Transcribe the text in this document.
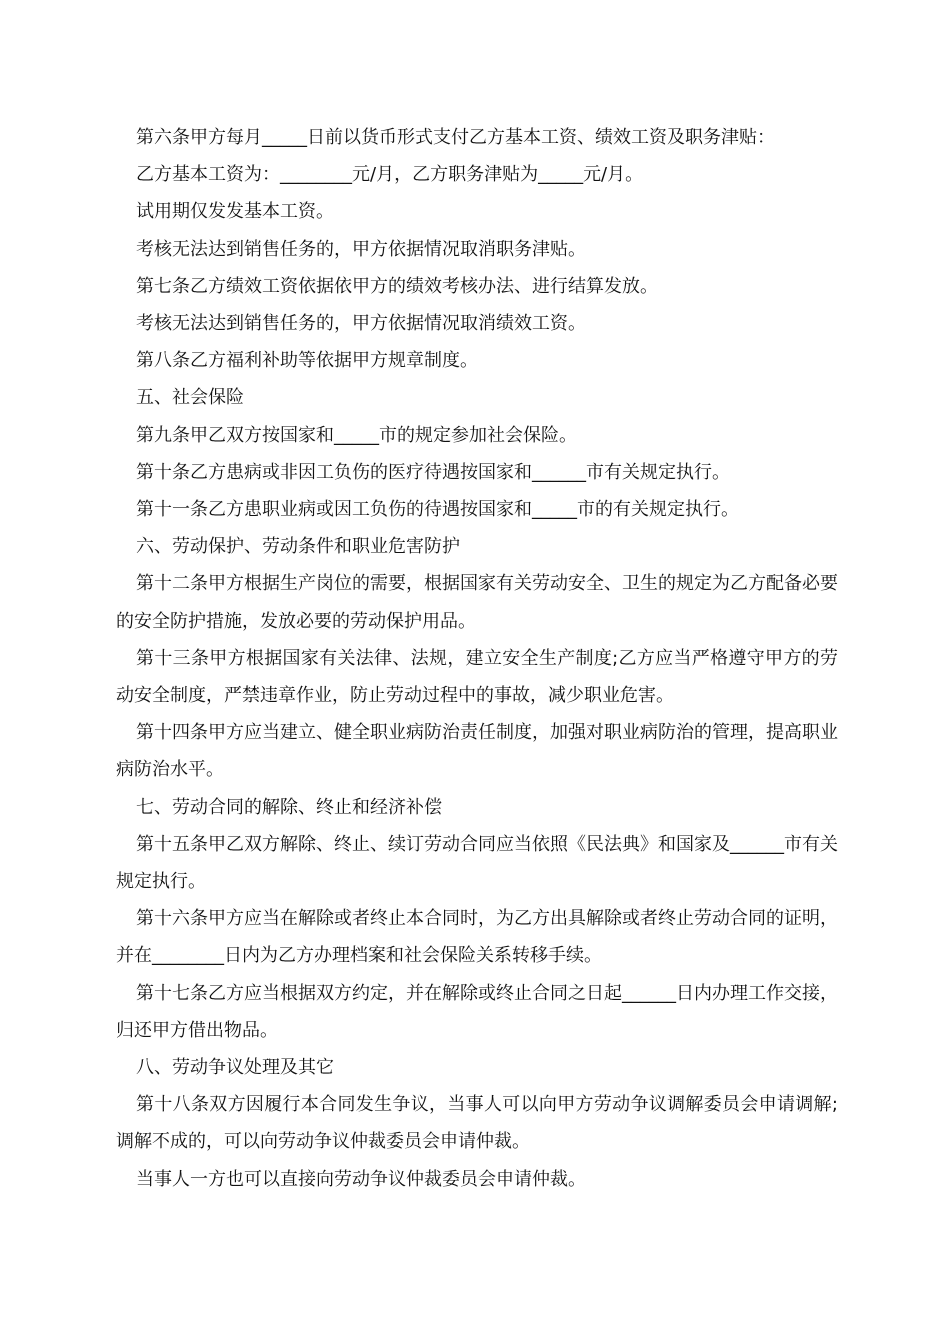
第六条甲方每月_____日前以货币形式支付乙方基本工资、绩效工资及职务津贴：

乙方基本工资为：________元/月，乙方职务津贴为_____元/月。

试用期仅发发基本工资。

考核无法达到销售任务的，甲方依据情况取消职务津贴。

第七条乙方绩效工资依据依甲方的绩效考核办法、进行结算发放。

考核无法达到销售任务的，甲方依据情况取消绩效工资。

第八条乙方福利补助等依据甲方规章制度。

五、社会保险

第九条甲乙双方按国家和_____市的规定参加社会保险。

第十条乙方患病或非因工负伤的医疗待遇按国家和______市有关规定执行。

第十一条乙方患职业病或因工负伤的待遇按国家和_____市的有关规定执行。

六、劳动保护、劳动条件和职业危害防护

第十二条甲方根据生产岗位的需要，根据国家有关劳动安全、卫生的规定为乙方配备必要的安全防护措施，发放必要的劳动保护用品。

第十三条甲方根据国家有关法律、法规，建立安全生产制度;乙方应当严格遵守甲方的劳动安全制度，严禁违章作业，防止劳动过程中的事故，减少职业危害。

第十四条甲方应当建立、健全职业病防治责任制度，加强对职业病防治的管理，提高职业病防治水平。

七、劳动合同的解除、终止和经济补偿

第十五条甲乙双方解除、终止、续订劳动合同应当依照《民法典》和国家及______市有关规定执行。

第十六条甲方应当在解除或者终止本合同时，为乙方出具解除或者终止劳动合同的证明，并在________日内为乙方办理档案和社会保险关系转移手续。

第十七条乙方应当根据双方约定，并在解除或终止合同之日起______日内办理工作交接，归还甲方借出物品。

八、劳动争议处理及其它

第十八条双方因履行本合同发生争议，当事人可以向甲方劳动争议调解委员会申请调解;调解不成的，可以向劳动争议仲裁委员会申请仲裁。

当事人一方也可以直接向劳动争议仲裁委员会申请仲裁。
